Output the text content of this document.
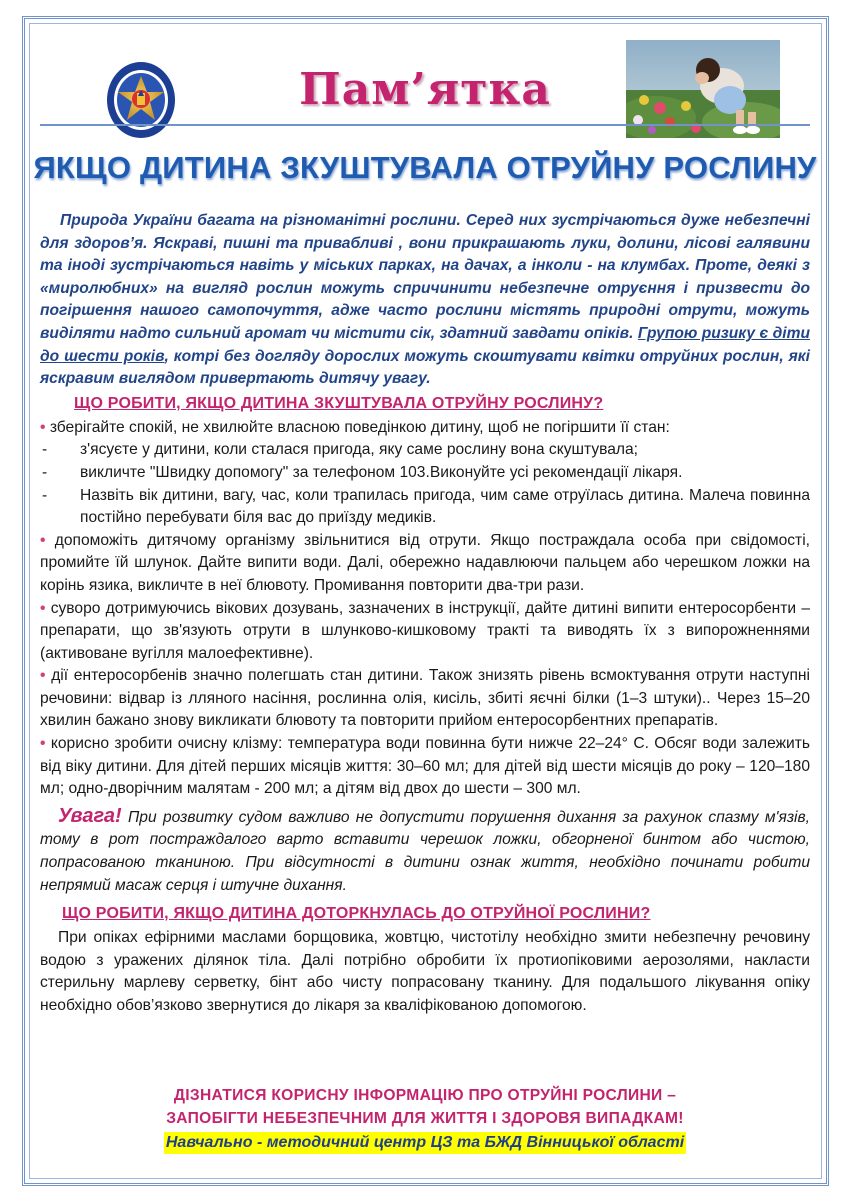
Пам’ятка
ЯКЩО ДИТИНА ЗКУШТУВАЛА ОТРУЙНУ РОСЛИНУ

Природа України багата на різноманітні рослини. Серед них зустрічаються дуже небезпечні для здоров’я. Яскраві, пишні та привабливі , вони прикрашають луки, долини, лісові галявини та іноді зустрічаються навіть у міських парках, на дачах, а інколи - на клумбах. Проте, деякі з «миролюбних» на вигляд рослин можуть спричинити небезпечне отруєння і призвести до погіршення нашого самопочуття, адже часто рослини містять природні отрути, можуть виділяти надто сильний аромат чи містити сік, здатний завдати опіків. Групою ризику є діти до шести років, котрі без догляду дорослих можуть скоштувати квітки отруйних рослин, які яскравим виглядом привертають дитячу увагу.

ЩО РОБИТИ, ЯКЩО ДИТИНА ЗКУШТУВАЛА ОТРУЙНУ РОСЛИНУ?

• зберігайте спокій, не хвилюйте власною поведінкою дитину, щоб не погіршити її стан:

- з'ясуєте у дитини, коли сталася пригода, яку саме рослину вона скуштувала;
- викличте "Швидку допомогу" за телефоном 103.Виконуйте усі рекомендації лікаря.
- Назвіть вік дитини, вагу, час, коли трапилась пригода, чим саме отруїлась дитина. Малеча повинна постійно перебувати біля вас до приїзду медиків.

• допоможіть дитячому організму звільнитися від отрути. Якщо постраждала особа при свідомості, промийте їй шлунок. Дайте випити води. Далі, обережно надавлюючи пальцем або черешком ложки на корінь язика, викличте в неї блювоту. Промивання повторити два-три рази.

• суворо дотримуючись вікових дозувань, зазначених в інструкції, дайте дитині випити ентеросорбенти – препарати, що зв'язують отрути в шлунково-кишковому тракті та виводять їх з випорожненнями (активоване вугілля малоефективне).

• дії ентеросорбенів значно полегшать стан дитини. Також знизять рівень всмоктування отрути наступні речовини: відвар із лляного насіння, рослинна олія, кисіль, збиті яєчні білки (1–3 штуки).. Через 15–20 хвилин бажано знову викликати блювоту та повторити прийом ентеросорбентних препаратів.

• корисно зробити очисну клізму: температура води повинна бути нижче 22–24° С. Обсяг води залежить від віку дитини. Для дітей перших місяців життя: 30–60 мл; для дітей від шести місяців до року – 120–180 мл; одно-дворічним малятам - 200 мл; а дітям від двох до шести – 300 мл.

Увага! При розвитку судом важливо не допустити порушення дихання за рахунок спазму м'язів, тому в рот постраждалого варто вставити черешок ложки, обгорненої бинтом або чистою, попрасованою тканиною. При відсутності в дитини ознак життя, необхідно починати робити непрямий масаж серця і штучне дихання.

ЩО РОБИТИ, ЯКЩО ДИТИНА ДОТОРКНУЛАСЬ ДО ОТРУЙНОЇ РОСЛИНИ?

При опіках ефірними маслами борщовика, жовтцю, чистотілу необхідно змити небезпечну речовину водою з уражених ділянок тіла. Далі потрібно обробити їх протиопіковими аерозолями, накласти стерильну марлеву серветку, бінт або чисту попрасовану тканину. Для подальшого лікування опіку необхідно обов’язково звернутися до лікаря за кваліфікованою допомогою.

ДІЗНАТИСЯ КОРИСНУ ІНФОРМАЦІЮ ПРО ОТРУЙНІ РОСЛИНИ –
ЗАПОБІГТИ НЕБЕЗПЕЧНИМ ДЛЯ ЖИТТЯ І ЗДОРОВЯ ВИПАДКАМ!
Навчально - методичний центр ЦЗ та БЖД Вінницької області
